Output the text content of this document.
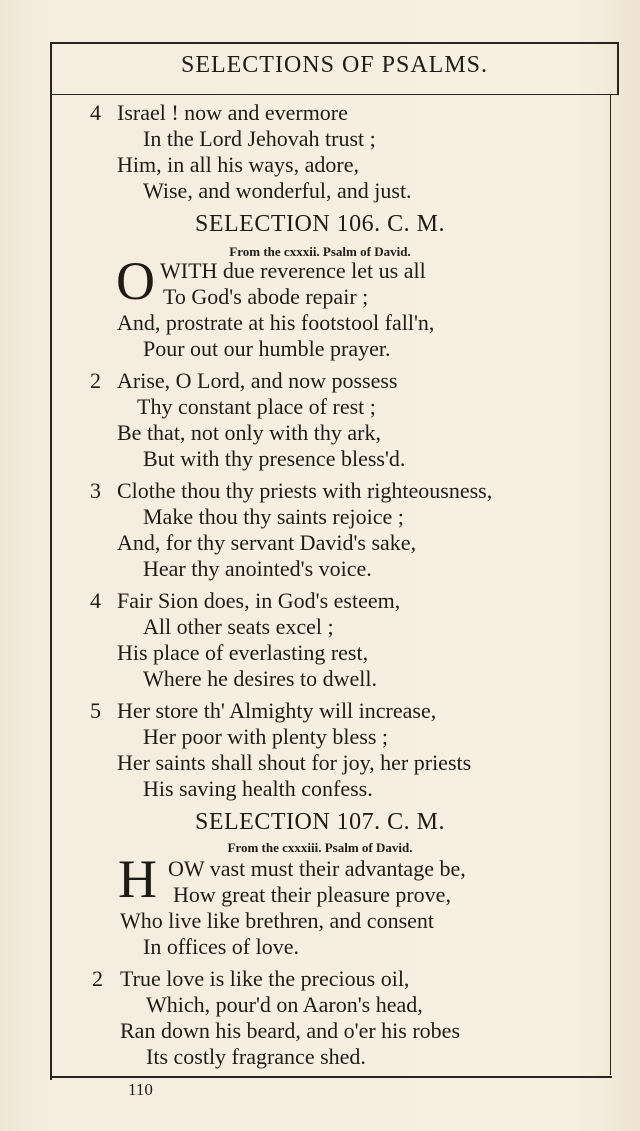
SELECTIONS OF PSALMS.
4 Israel ! now and evermore
In the Lord Jehovah trust ;
Him, in all his ways, adore,
Wise, and wonderful, and just.
SELECTION 106. C. M.
From the cxxxii. Psalm of David.
O WITH due reverence let us all
To God's abode repair ;
And, prostrate at his footstool fall'n,
Pour out our humble prayer.
2 Arise, O Lord, and now possess
Thy constant place of rest ;
Be that, not only with thy ark,
But with thy presence bless'd.
3 Clothe thou thy priests with righteousness,
Make thou thy saints rejoice ;
And, for thy servant David's sake,
Hear thy anointed's voice.
4 Fair Sion does, in God's esteem,
All other seats excel ;
His place of everlasting rest,
Where he desires to dwell.
5 Her store th' Almighty will increase,
Her poor with plenty bless ;
Her saints shall shout for joy, her priests
His saving health confess.
SELECTION 107. C. M.
From the cxxxiii. Psalm of David.
H OW vast must their advantage be,
How great their pleasure prove,
Who live like brethren, and consent
In offices of love.
2 True love is like the precious oil,
Which, pour'd on Aaron's head,
Ran down his beard, and o'er his robes
Its costly fragrance shed.
110
